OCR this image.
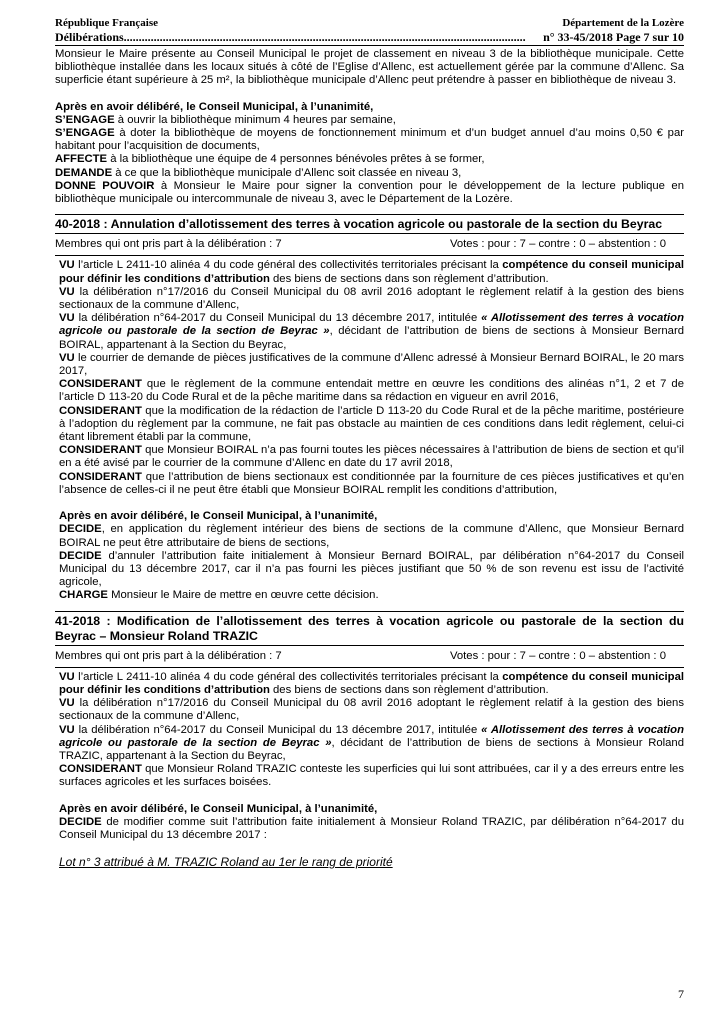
République Française	Département de la Lozère
Délibérations ......................................................................................................................................	n° 33-45/2018 Page 7 sur 10

Monsieur le Maire présente au Conseil Municipal le projet de classement en niveau 3 de la bibliothèque municipale. Cette bibliothèque installée dans les locaux situés à côté de l’Eglise d’Allenc, est actuellement gérée par la commune d’Allenc. Sa superficie étant supérieure à 25 m², la bibliothèque municipale d’Allenc peut prétendre à passer en bibliothèque de niveau 3.

Après en avoir délibéré, le Conseil Municipal, à l’unanimité,

S’ENGAGE à ouvrir la bibliothèque minimum 4 heures par semaine,

S’ENGAGE à doter la bibliothèque de moyens de fonctionnement minimum et d’un budget annuel d’au moins 0,50 € par habitant pour l’acquisition de documents,

AFFECTE à la bibliothèque une équipe de 4 personnes bénévoles prêtes à se former,

DEMANDE à ce que la bibliothèque municipale d’Allenc soit classée en niveau 3,

DONNE POUVOIR à Monsieur le Maire pour signer la convention pour le développement de la lecture publique en bibliothèque municipale ou intercommunale de niveau 3, avec le Département de la Lozère.

40-2018 : Annulation d’allotissement des terres à vocation agricole ou pastorale de la section du Beyrac
Membres qui ont pris part à la délibération : 7	Votes : pour : 7 – contre : 0 – abstention : 0

VU l’article L 2411-10 alinéa 4 du code général des collectivités territoriales précisant la compétence du conseil municipal pour définir les conditions d’attribution des biens de sections dans son règlement d’attribution.

VU la délibération n°17/2016 du Conseil Municipal du 08 avril 2016 adoptant le règlement relatif à la gestion des biens sectionaux de la commune d’Allenc,

VU la délibération n°64-2017 du Conseil Municipal du 13 décembre 2017, intitulée « Allotissement des terres à vocation agricole ou pastorale de la section de Beyrac », décidant de l’attribution de biens de sections à Monsieur Bernard BOIRAL, appartenant à la Section du Beyrac,

VU le courrier de demande de pièces justificatives de la commune d’Allenc adressé à Monsieur Bernard BOIRAL, le 20 mars 2017,

CONSIDERANT que le règlement de la commune entendait mettre en œuvre les conditions des alinéas n°1, 2 et 7 de l’article D 113-20 du Code Rural et de la pêche maritime dans sa rédaction en vigueur en avril 2016,

CONSIDERANT que la modification de la rédaction de l’article D 113-20 du Code Rural et de la pêche maritime, postérieure à l’adoption du règlement par la commune, ne fait pas obstacle au maintien de ces conditions dans ledit règlement, celui-ci étant librement établi par la commune,

CONSIDERANT que Monsieur BOIRAL n’a pas fourni toutes les pièces nécessaires à l’attribution de biens de section et qu’il en a été avisé par le courrier de la commune d’Allenc en date du 17 avril 2018,

CONSIDERANT que l’attribution de biens sectionaux est conditionnée par la fourniture de ces pièces justificatives et qu’en l’absence de celles-ci il ne peut être établi que Monsieur BOIRAL remplit les conditions d’attribution,

Après en avoir délibéré, le Conseil Municipal, à l’unanimité,

DECIDE, en application du règlement intérieur des biens de sections de la commune d’Allenc, que Monsieur Bernard BOIRAL ne peut être attributaire de biens de sections,

DECIDE d’annuler l’attribution faite initialement à Monsieur Bernard BOIRAL, par délibération n°64-2017 du Conseil Municipal du 13 décembre 2017, car il n’a pas fourni les pièces justifiant que 50 % de son revenu est issu de l’activité agricole,

CHARGE Monsieur le Maire de mettre en œuvre cette décision.

41-2018 : Modification de l’allotissement des terres à vocation agricole ou pastorale de la section du Beyrac – Monsieur Roland TRAZIC
Membres qui ont pris part à la délibération : 7	Votes : pour : 7 – contre : 0 – abstention : 0

VU l’article L 2411-10 alinéa 4 du code général des collectivités territoriales précisant la compétence du conseil municipal pour définir les conditions d’attribution des biens de sections dans son règlement d’attribution.

VU la délibération n°17/2016 du Conseil Municipal du 08 avril 2016 adoptant le règlement relatif à la gestion des biens sectionaux de la commune d’Allenc,

VU la délibération n°64-2017 du Conseil Municipal du 13 décembre 2017, intitulée « Allotissement des terres à vocation agricole ou pastorale de la section de Beyrac », décidant de l’attribution de biens de sections à Monsieur Roland TRAZIC, appartenant à la Section du Beyrac,

CONSIDERANT que Monsieur Roland TRAZIC conteste les superficies qui lui sont attribuées, car il y a des erreurs entre les surfaces agricoles et les surfaces boisées.

Après en avoir délibéré, le Conseil Municipal, à l’unanimité,

DECIDE de modifier comme suit l’attribution faite initialement à Monsieur Roland TRAZIC, par délibération n°64-2017 du Conseil Municipal du 13 décembre 2017 :

Lot n° 3 attribué à M. TRAZIC Roland au 1er le rang de priorité
7
